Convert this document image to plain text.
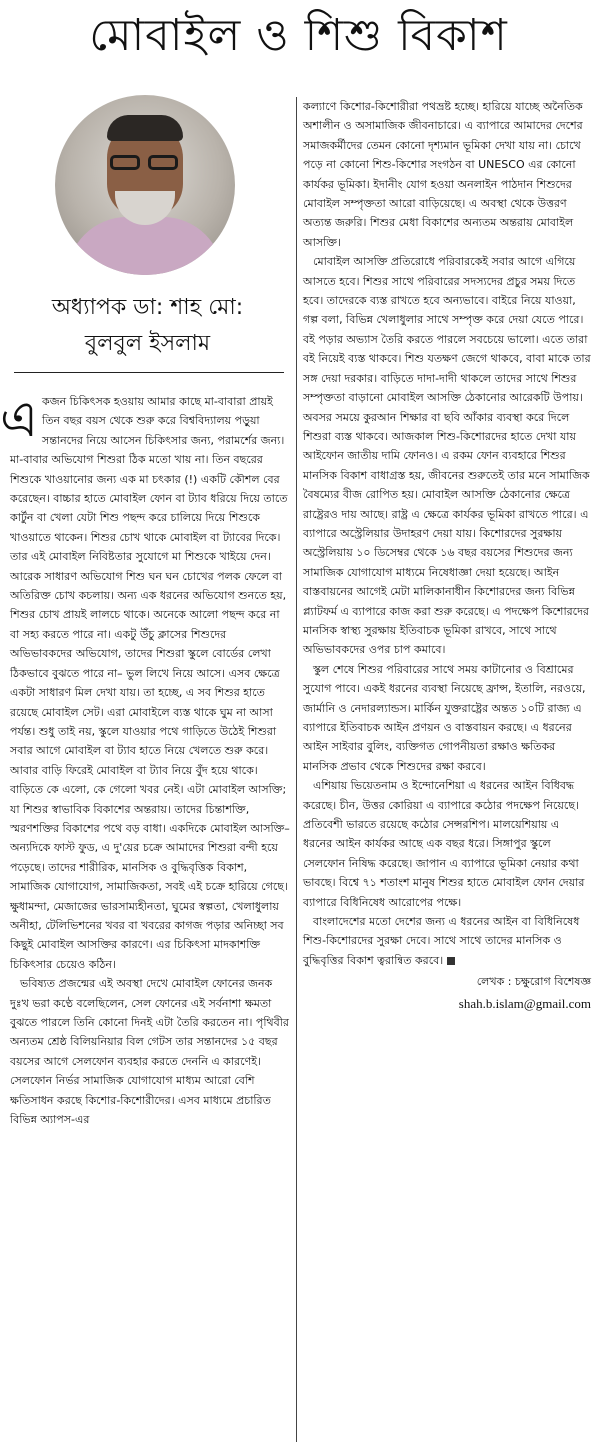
মোবাইল ও শিশু বিকাশ
অধ্যাপক ডা: শাহ মো:
বুলবুল ইসলাম

এ কজন চিকিৎসক হওয়ায় আমার কাছে মা-বাবারা প্রায়ই তিন বছর বয়স থেকে শুরু করে বিশ্ববিদ্যালয় পড়ুয়া সন্তানদের নিয়ে আসেন চিকিৎসার জন্য, পরামর্শের জন্য। মা-বাবার অভিযোগ শিশুরা ঠিক মতো খায় না। তিন বছরের শিশুকে খাওয়ানোর জন্য এক মা চৎকার (!) একটি কৌশল বের করেছেন। বাচ্চার হাতে মোবাইল ফোন বা ট্যাব ধরিয়ে দিয়ে তাতে কার্টুন বা খেলা যেটা শিশু পছন্দ করে চালিয়ে দিয়ে শিশুকে খাওয়াতে থাকেন। শিশুর চোখ থাকে মোবাইল বা ট্যাবের দিকে। তার এই মোবাইল নিবিষ্টতার সুযোগে মা শিশুকে খাইয়ে দেন। আরেক সাধারণ অভিযোগ শিশু ঘন ঘন চোখের পলক ফেলে বা অতিরিক্ত চোখ কচলায়। অন্য এক ধরনের অভিযোগ শুনতে হয়, শিশুর চোখ প্রায়ই লালচে থাকে। অনেকে আলো পছন্দ করে না বা সহ্য করতে পারে না। একটু উঁচু ক্লাসের শিশুদের অভিভাবকদের অভিযোগ, তাদের শিশুরা স্কুলে বোর্ডের লেখা ঠিকভাবে বুঝতে পারে না– ভুল লিখে নিয়ে আসে। এসব ক্ষেত্রে একটা সাধারণ মিল দেখা যায়। তা হচ্ছে, এ সব শিশুর হাতে রয়েছে মোবাইল সেট। এরা মোবাইলে ব্যস্ত থাকে ঘুম না আসা পর্যন্ত। শুধু তাই নয়, স্কুলে যাওয়ার পথে গাড়িতে উঠেই শিশুরা সবার আগে মোবাইল বা ট্যাব হাতে নিয়ে খেলতে শুরু করে। আবার বাড়ি ফিরেই মোবাইল বা ট্যাব নিয়ে বুঁদ হয়ে থাকে। বাড়িতে কে এলো, কে গেলো খবর নেই। এটা মোবাইল আসক্তি; যা শিশুর স্বাভাবিক বিকাশের অন্তরায়। তাদের চিন্তাশক্তি, স্মরণশক্তির বিকাশের পথে বড় বাধা। একদিকে মোবাইল আসক্তি– অন্যদিকে ফাস্ট ফুড, এ দু'য়ের চক্রে আমাদের শিশুরা বন্দী হয়ে পড়েছে। তাদের শারীরিক, মানসিক ও বুদ্ধিবৃত্তিক বিকাশ, সামাজিক যোগাযোগ, সামাজিকতা, সবই এই চক্রে হারিয়ে গেছে। ক্ষুধামন্দা, মেজাজের ভারসাম্যহীনতা, ঘুমের স্বল্পতা, খেলাধুলায় অনীহা, টেলিভিশনের খবর বা খবরের কাগজ পড়ার অনিচ্ছা সব কিছুই মোবাইল আসক্তির কারণে। এর চিকিৎসা মাদকাশক্তি চিকিৎসার চেয়েও কঠিন।

ভবিষ্যত প্রজন্মের এই অবস্থা দেখে মোবাইল ফোনের জনক দুঃখ ভরা কণ্ঠে বলেছিলেন, সেল ফোনের এই সর্বনাশা ক্ষমতা বুঝতে পারলে তিনি কোনো দিনই এটা তৈরি করতেন না। পৃথিবীর অন্যতম শ্রেষ্ঠ বিলিয়নিয়ার বিল গেটস তার সন্তানদের ১৫ বছর বয়সের আগে সেলফোন ব্যবহার করতে দেননি এ কারণেই। সেলফোন নির্ভর সামাজিক যোগাযোগ মাধ্যম আরো বেশি ক্ষতিসাধন করছে কিশোর-কিশোরীদের। এসব মাধ্যমে প্রচারিত বিভিন্ন অ্যাপস-এর

কল্যাণে কিশোর-কিশোরীরা পথভ্রষ্ট হচ্ছে। হারিয়ে যাচ্ছে অনৈতিক অশালীন ও অসামাজিক জীবনাচারে। এ ব্যাপারে আমাদের দেশের সমাজকর্মীদের তেমন কোনো দৃশ্যমান ভূমিকা দেখা যায় না। চোখে পড়ে না কোনো শিশু-কিশোর সংগঠন বা UNESCO এর কোনো কার্যকর ভূমিকা। ইদানীং যোগ হওয়া অনলাইন পাঠদান শিশুদের মোবাইল সম্পৃক্ততা আরো বাড়িয়েছে। এ অবস্থা থেকে উত্তরণ অত্যন্ত জরুরি। শিশুর মেধা বিকাশের অন্যতম অন্তরায় মোবাইল আসক্তি।

মোবাইল আসক্তি প্রতিরোধে পরিবারকেই সবার আগে এগিয়ে আসতে হবে। শিশুর সাথে পরিবারের সদস্যদের প্রচুর সময় দিতে হবে। তাদেরকে ব্যস্ত রাখতে হবে অন্যভাবে। বাইরে নিয়ে যাওয়া, গল্প বলা, বিভিন্ন খেলাধুলার সাথে সম্পৃক্ত করে দেয়া যেতে পারে। বই পড়ার অভ্যাস তৈরি করতে পারলে সবচেয়ে ভালো। এতে তারা বই নিয়েই ব্যস্ত থাকবে। শিশু যতক্ষণ জেগে থাকবে, বাবা মাকে তার সঙ্গ দেয়া দরকার। বাড়িতে দাদা-দাদী থাকলে তাদের সাথে শিশুর সম্পৃক্ততা বাড়ানো মোবাইল আসক্তি ঠেকানোর আরেকটি উপায়। অবসর সময়ে কুরআন শিক্ষার বা ছবি আঁকার ব্যবস্থা করে দিলে শিশুরা ব্যস্ত থাকবে। আজকাল শিশু-কিশোরদের হাতে দেখা যায় আইফোন জাতীয় দামি ফোনও। এ রকম ফোন ব্যবহারে শিশুর মানসিক বিকাশ বাধাগ্রস্ত হয়, জীবনের শুরুতেই তার মনে সামাজিক বৈষম্যের বীজ রোপিত হয়। মোবাইল আসক্তি ঠেকানোর ক্ষেত্রে রাষ্ট্রেরও দায় আছে। রাষ্ট্র এ ক্ষেত্রে কার্যকর ভূমিকা রাখতে পারে। এ ব্যাপারে অস্ট্রেলিয়ার উদাহরণ দেয়া যায়। কিশোরদের সুরক্ষায় অস্ট্রেলিয়ায় ১০ ডিসেম্বর থেকে ১৬ বছর বয়সের শিশুদের জন্য সামাজিক যোগাযোগ মাধ্যমে নিষেধাজ্ঞা দেয়া হয়েছে। আইন বাস্তবায়নের আগেই মেটা মালিকানাধীন কিশোরদের জন্য বিভিন্ন প্ল্যাটফর্ম এ ব্যাপারে কাজ করা শুরু করেছে। এ পদক্ষেপ কিশোরদের মানসিক স্বাস্থ্য সুরক্ষায় ইতিবাচক ভূমিকা রাখবে, সাথে সাথে অভিভাবকদের ওপর চাপ কমাবে।

স্কুল শেষে শিশুর পরিবারের সাথে সময় কাটানোর ও বিশ্রামের সুযোগ পাবে। একই ধরনের ব্যবস্থা নিয়েছে ফ্রান্স, ইতালি, নরওয়ে, জার্মানি ও নেদারল্যান্ডস। মার্কিন যুক্তরাষ্ট্রের অন্তত ১০টি রাজ্য এ ব্যাপারে ইতিবাচক আইন প্রণয়ন ও বাস্তবায়ন করছে। এ ধরনের আইন সাইবার বুলিং, ব্যক্তিগত গোপনীয়তা রক্ষাও ক্ষতিকর মানসিক প্রভাব থেকে শিশুদের রক্ষা করবে।

এশিয়ায় ভিয়েতনাম ও ইন্দোনেশিয়া এ ধরনের আইন বিধিবদ্ধ করেছে। চীন, উত্তর কোরিয়া এ ব্যাপারে কঠোর পদক্ষেপ নিয়েছে। প্রতিবেশী ভারতে রয়েছে কঠোর সেন্সরশিপ। মালয়েশিয়ায় এ ধরনের আইন কার্যকর আছে এক বছর ধরে। সিঙ্গাপুর স্কুলে সেলফোন নিষিদ্ধ করেছে। জাপান এ ব্যাপারে ভূমিকা নেয়ার কথা ভাবছে। বিশ্বে ৭১ শতাংশ মানুষ শিশুর হাতে মোবাইল ফোন দেয়ার ব্যাপারে বিধিনিষেধ আরোপের পক্ষে।

বাংলাদেশের মতো দেশের জন্য এ ধরনের আইন বা বিধিনিষেধ শিশু-কিশোরদের সুরক্ষা দেবে। সাথে সাথে তাদের মানসিক ও বুদ্ধিবৃত্তির বিকাশ ত্বরান্বিত করবে।

লেখক : চক্ষুরোগ বিশেষজ্ঞ
shah.b.islam@gmail.com
